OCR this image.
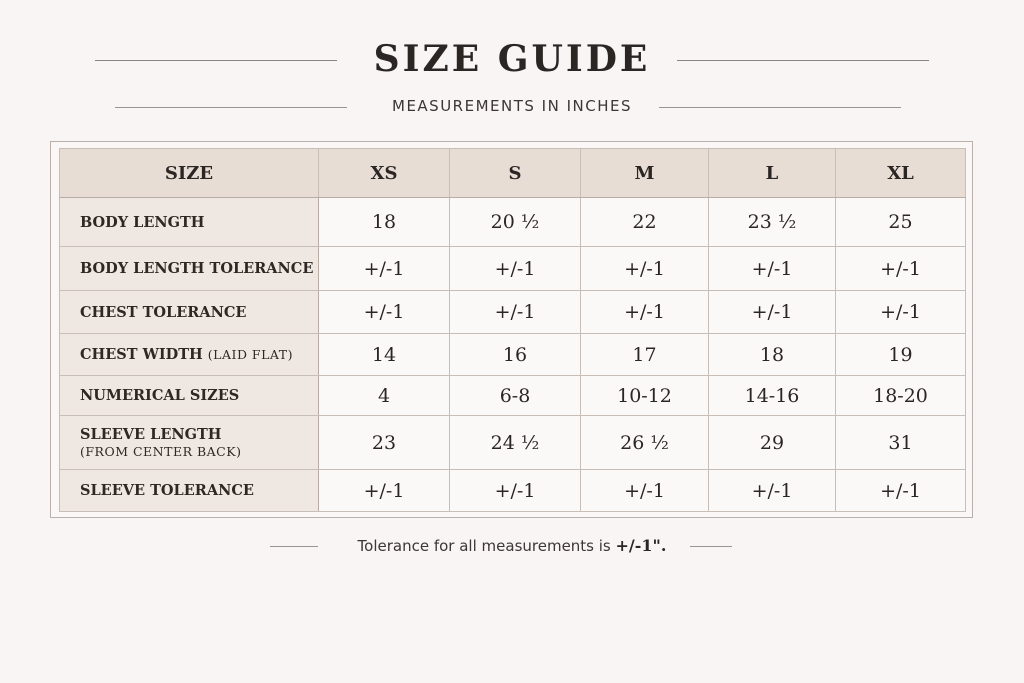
SIZE GUIDE
MEASUREMENTS IN INCHES
SIZE	XS	S	M	L	XL
BODY LENGTH	18	20 ½	22	23 ½	25
BODY LENGTH TOLERANCE	+/-1	+/-1	+/-1	+/-1	+/-1
CHEST TOLERANCE	+/-1	+/-1	+/-1	+/-1	+/-1
CHEST WIDTH (LAID FLAT)	14	16	17	18	19
NUMERICAL SIZES	4	6-8	10-12	14-16	18-20
SLEEVE LENGTH
(FROM CENTER BACK)	23	24 ½	26 ½	29	31
SLEEVE TOLERANCE	+/-1	+/-1	+/-1	+/-1	+/-1
Tolerance for all measurements is +/-1".
